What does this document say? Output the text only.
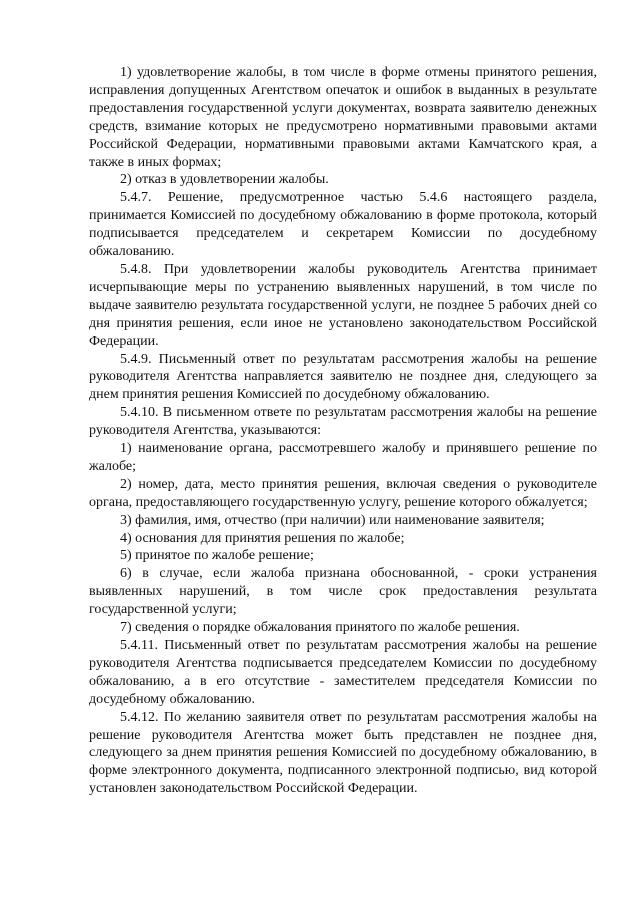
1) удовлетворение жалобы, в том числе в форме отмены принятого решения, исправления допущенных Агентством опечаток и ошибок в выданных в результате предоставления государственной услуги документах, возврата заявителю денежных средств, взимание которых не предусмотрено нормативными правовыми актами Российской Федерации, нормативными правовыми актами Камчатского края, а также в иных формах;

2) отказ в удовлетворении жалобы.

5.4.7. Решение, предусмотренное частью 5.4.6 настоящего раздела, принимается Комиссией по досудебному обжалованию в форме протокола, который подписывается председателем и секретарем Комиссии по досудебному обжалованию.

5.4.8. При удовлетворении жалобы руководитель Агентства принимает исчерпывающие меры по устранению выявленных нарушений, в том числе по выдаче заявителю результата государственной услуги, не позднее 5 рабочих дней со дня принятия решения, если иное не установлено законодательством Российской Федерации.

5.4.9. Письменный ответ по результатам рассмотрения жалобы на решение руководителя Агентства направляется заявителю не позднее дня, следующего за днем принятия решения Комиссией по досудебному обжалованию.

5.4.10. В письменном ответе по результатам рассмотрения жалобы на решение руководителя Агентства, указываются:

1) наименование органа, рассмотревшего жалобу и принявшего решение по жалобе;

2) номер, дата, место принятия решения, включая сведения о руководителе органа, предоставляющего государственную услугу, решение которого обжалуется;

3) фамилия, имя, отчество (при наличии) или наименование заявителя;

4) основания для принятия решения по жалобе;

5) принятое по жалобе решение;

6) в случае, если жалоба признана обоснованной, - сроки устранения выявленных нарушений, в том числе срок предоставления результата государственной услуги;

7) сведения о порядке обжалования принятого по жалобе решения.

5.4.11. Письменный ответ по результатам рассмотрения жалобы на решение руководителя Агентства подписывается председателем Комиссии по досудебному обжалованию, а в его отсутствие - заместителем председателя Комиссии по досудебному обжалованию.

5.4.12. По желанию заявителя ответ по результатам рассмотрения жалобы на решение руководителя Агентства может быть представлен не позднее дня, следующего за днем принятия решения Комиссией по досудебному обжалованию, в форме электронного документа, подписанного электронной подписью, вид которой установлен законодательством Российской Федерации.
